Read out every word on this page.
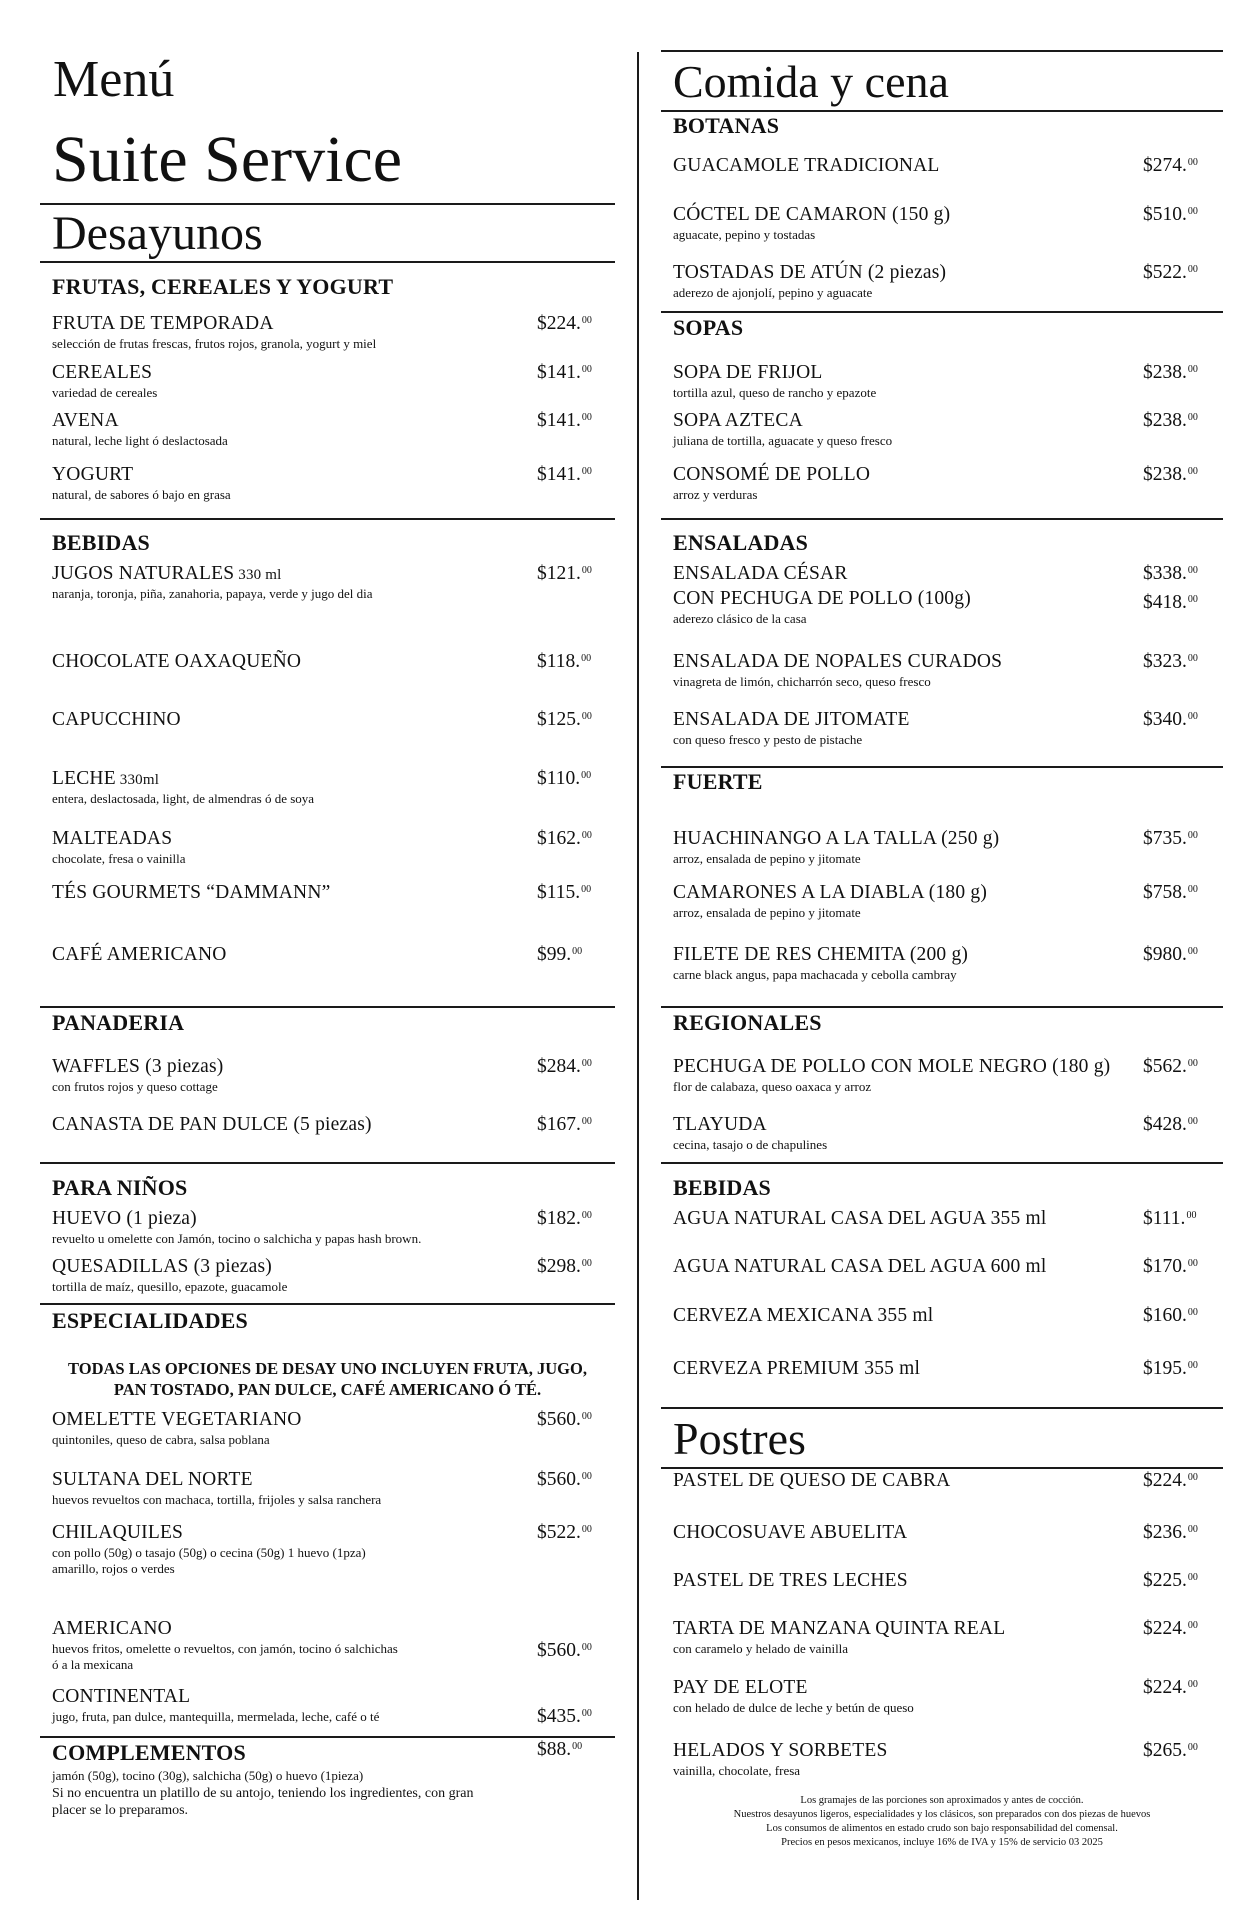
Menú
Suite Service
Desayunos
FRUTAS, CEREALES Y YOGURT
FRUTA DE TEMPORADA
selección de frutas frescas, frutos rojos, granola, yogurt y miel
$224.00
CEREALES
variedad de cereales
$141.00
AVENA
natural, leche light ó deslactosada
$141.00
YOGURT
natural, de sabores ó bajo en grasa
$141.00
BEBIDAS
JUGOS NATURALES 330 ml
naranja, toronja, piña, zanahoria, papaya, verde y jugo del dia
$121.00
CHOCOLATE OAXAQUEÑO	$118.00
CAPUCCHINO	$125.00
LECHE 330ml
entera, deslactosada, light, de almendras ó de soya
$110.00
MALTEADAS
chocolate, fresa o vainilla
$162.00
TÉS GOURMETS “DAMMANN”	$115.00
CAFÉ AMERICANO	$99.00
PANADERIA
WAFFLES (3 piezas)
con frutos rojos y queso cottage
$284.00
CANASTA DE PAN DULCE (5 piezas)	$167.00
PARA NIÑOS
HUEVO (1 pieza)
revuelto u omelette con Jamón, tocino o salchicha y papas hash brown.
$182.00
QUESADILLAS (3 piezas)
tortilla de maíz, quesillo, epazote, guacamole
$298.00
ESPECIALIDADES
TODAS LAS OPCIONES DE DESAY UNO INCLUYEN FRUTA, JUGO,
PAN TOSTADO, PAN DULCE, CAFÉ AMERICANO Ó TÉ.
OMELETTE VEGETARIANO
quintoniles, queso de cabra, salsa poblana
$560.00
SULTANA DEL NORTE
huevos revueltos con machaca, tortilla, frijoles y salsa ranchera
$560.00
CHILAQUILES
con pollo (50g) o tasajo (50g) o cecina (50g) 1 huevo (1pza)
amarillo, rojos o verdes
$522.00
AMERICANO
huevos fritos, omelette o revueltos, con jamón, tocino ó salchichas
ó a la mexicana
$560.00
CONTINENTAL
jugo, fruta, pan dulce, mantequilla, mermelada, leche, café o té	$435.00
COMPLEMENTOS	$88.00
jamón (50g), tocino (30g), salchicha (50g) o huevo (1pieza)
Si no encuentra un platillo de su antojo, teniendo los ingredientes, con gran
placer se lo preparamos.
Comida y cena
BOTANAS
GUACAMOLE TRADICIONAL	$274.00
CÓCTEL DE CAMARON (150 g)
aguacate, pepino y tostadas
$510.00
TOSTADAS DE ATÚN (2 piezas)
aderezo de ajonjolí, pepino y aguacate
$522.00
SOPAS
SOPA DE FRIJOL
tortilla azul, queso de rancho y epazote
$238.00
SOPA AZTECA
juliana de tortilla, aguacate y queso fresco
$238.00
CONSOMÉ DE POLLO
arroz y verduras
$238.00
ENSALADAS
ENSALADA CÉSAR	$338.00
CON PECHUGA DE POLLO (100g)
aderezo clásico de la casa
$418.00
ENSALADA DE NOPALES CURADOS
vinagreta de limón, chicharrón seco, queso fresco
$323.00
ENSALADA DE JITOMATE
con queso fresco y pesto de pistache
$340.00
FUERTE
HUACHINANGO A LA TALLA (250 g)
arroz, ensalada de pepino y jitomate
$735.00
CAMARONES A LA DIABLA (180 g)
arroz, ensalada de pepino y jitomate
$758.00
FILETE DE RES CHEMITA (200 g)
carne black angus, papa machacada y cebolla cambray
$980.00
REGIONALES
PECHUGA DE POLLO CON MOLE NEGRO (180 g)
flor de calabaza, queso oaxaca y arroz
$562.00
TLAYUDA
cecina, tasajo o de chapulines
$428.00
BEBIDAS
AGUA NATURAL CASA DEL AGUA 355 ml	$111.00
AGUA NATURAL CASA DEL AGUA 600 ml	$170.00
CERVEZA MEXICANA 355 ml	$160.00
CERVEZA PREMIUM 355 ml	$195.00
Postres
PASTEL DE QUESO DE CABRA	$224.00
CHOCOSUAVE ABUELITA	$236.00
PASTEL DE TRES LECHES	$225.00
TARTA DE MANZANA QUINTA REAL
con caramelo y helado de vainilla
$224.00
PAY DE ELOTE
con helado de dulce de leche y betún de queso
$224.00
HELADOS Y SORBETES
vainilla, chocolate, fresa
$265.00
Los gramajes de las porciones son aproximados y antes de cocción.
Nuestros desayunos ligeros, especialidades y los clásicos, son preparados con dos piezas de huevos
Los consumos de alimentos en estado crudo son bajo responsabilidad del comensal.
Precios en pesos mexicanos, incluye 16% de IVA y 15% de servicio 03 2025
